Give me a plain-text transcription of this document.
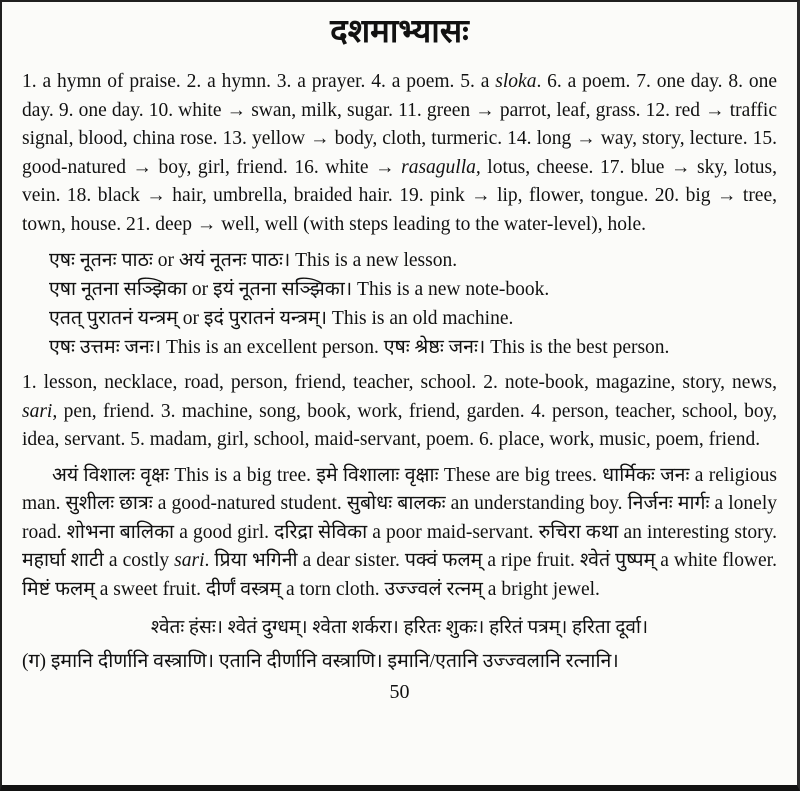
दशमाभ्यासः

1. a hymn of praise. 2. a hymn. 3. a prayer. 4. a poem. 5. a sloka. 6. a poem. 7. one day. 8. one day. 9. one day. 10. white → swan, milk, sugar. 11. green → parrot, leaf, grass. 12. red → traffic signal, blood, china rose. 13. yellow → body, cloth, turmeric. 14. long → way, story, lecture. 15. good-natured → boy, girl, friend. 16. white → rasagulla, lotus, cheese. 17. blue → sky, lotus, vein. 18. black → hair, umbrella, braided hair. 19. pink → lip, flower, tongue. 20. big → tree, town, house. 21. deep → well, well (with steps leading to the water-level), hole.

एषः नूतनः पाठः or अयं नूतनः पाठः। This is a new lesson.

एषा नूतना सञ्झिका or इयं नूतना सञ्झिका। This is a new note-book.

एतत् पुरातनं यन्त्रम् or इदं पुरातनं यन्त्रम्। This is an old machine.

एषः उत्तमः जनः। This is an excellent person. एषः श्रेष्ठः जनः। This is the best person.

1. lesson, necklace, road, person, friend, teacher, school. 2. note-book, magazine, story, news, sari, pen, friend. 3. machine, song, book, work, friend, garden. 4. person, teacher, school, boy, idea, servant. 5. madam, girl, school, maid-servant, poem. 6. place, work, music, poem, friend.

अयं विशालः वृक्षः This is a big tree. इमे विशालाः वृक्षाः These are big trees. धार्मिकः जनः a religious man. सुशीलः छात्रः a good-natured student. सुबोधः बालकः an understanding boy. निर्जनः मार्गः a lonely road. शोभना बालिका a good girl. दरिद्रा सेविका a poor maid-servant. रुचिरा कथा an interesting story. महार्घा शाटी a costly sari. प्रिया भगिनी a dear sister. पक्वं फलम् a ripe fruit. श्वेतं पुष्पम् a white flower. मिष्टं फलम् a sweet fruit. दीर्णं वस्त्रम् a torn cloth. उज्ज्वलं रत्नम् a bright jewel.

श्वेतः हंसः। श्वेतं दुग्धम्। श्वेता शर्करा। हरितः शुकः। हरितं पत्रम्। हरिता दूर्वा।

(ग) इमानि दीर्णानि वस्त्राणि। एतानि दीर्णानि वस्त्राणि। इमानि/एतानि उज्ज्वलानि रत्नानि।

50
